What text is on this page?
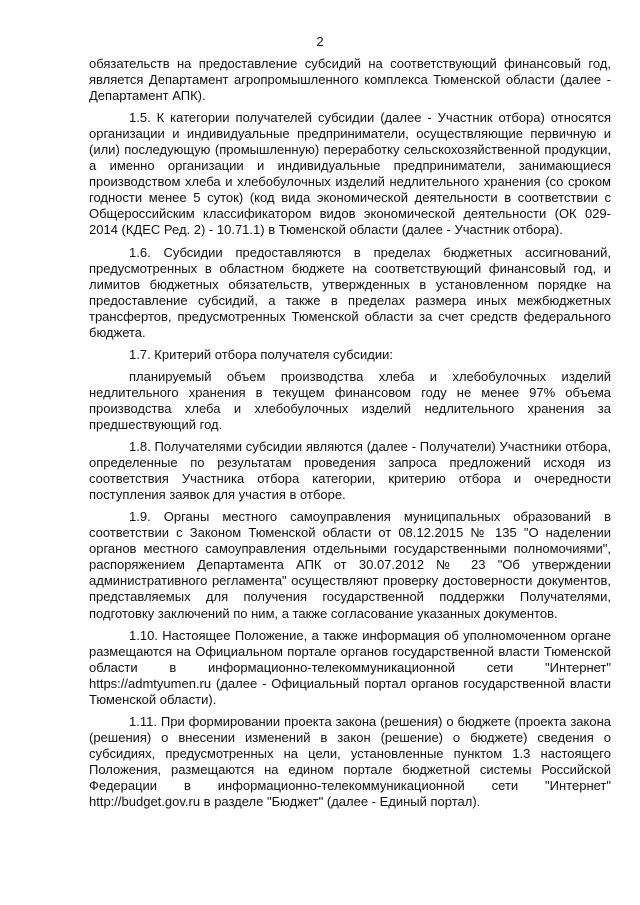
2

обязательств на предоставление субсидий на соответствующий финансовый год, является Департамент агропромышленного комплекса Тюменской области (далее - Департамент АПК).

1.5. К категории получателей субсидии (далее - Участник отбора) относятся организации и индивидуальные предприниматели, осуществляющие первичную и (или) последующую (промышленную) переработку сельскохозяйственной продукции, а именно организации и индивидуальные предприниматели, занимающиеся производством хлеба и хлебобулочных изделий недлительного хранения (со сроком годности менее 5 суток) (код вида экономической деятельности в соответствии с Общероссийским классификатором видов экономической деятельности (ОК 029-2014 (КДЕС Ред. 2) - 10.71.1) в Тюменской области (далее - Участник отбора).

1.6. Субсидии предоставляются в пределах бюджетных ассигнований, предусмотренных в областном бюджете на соответствующий финансовый год, и лимитов бюджетных обязательств, утвержденных в установленном порядке на предоставление субсидий, а также в пределах размера иных межбюджетных трансфертов, предусмотренных Тюменской области за счет средств федерального бюджета.

1.7. Критерий отбора получателя субсидии:

планируемый объем производства хлеба и хлебобулочных изделий недлительного хранения в текущем финансовом году не менее 97% объема производства хлеба и хлебобулочных изделий недлительного хранения за предшествующий год.

1.8. Получателями субсидии являются (далее - Получатели) Участники отбора, определенные по результатам проведения запроса предложений исходя из соответствия Участника отбора категории, критерию отбора и очередности поступления заявок для участия в отборе.

1.9. Органы местного самоуправления муниципальных образований в соответствии с Законом Тюменской области от 08.12.2015 № 135 "О наделении органов местного самоуправления отдельными государственными полномочиями", распоряжением Департамента АПК от 30.07.2012 № 23 "Об утверждении административного регламента" осуществляют проверку достоверности документов, представляемых для получения государственной поддержки Получателями, подготовку заключений по ним, а также согласование указанных документов.

1.10. Настоящее Положение, а также информация об уполномоченном органе размещаются на Официальном портале органов государственной власти Тюменской области в информационно-телекоммуникационной сети "Интернет" https://admtyumen.ru (далее - Официальный портал органов государственной власти Тюменской области).

1.11. При формировании проекта закона (решения) о бюджете (проекта закона (решения) о внесении изменений в закон (решение) о бюджете) сведения о субсидиях, предусмотренных на цели, установленные пунктом 1.3 настоящего Положения, размещаются на едином портале бюджетной системы Российской Федерации в информационно-телекоммуникационной сети "Интернет" http://budget.gov.ru в разделе "Бюджет" (далее - Единый портал).
